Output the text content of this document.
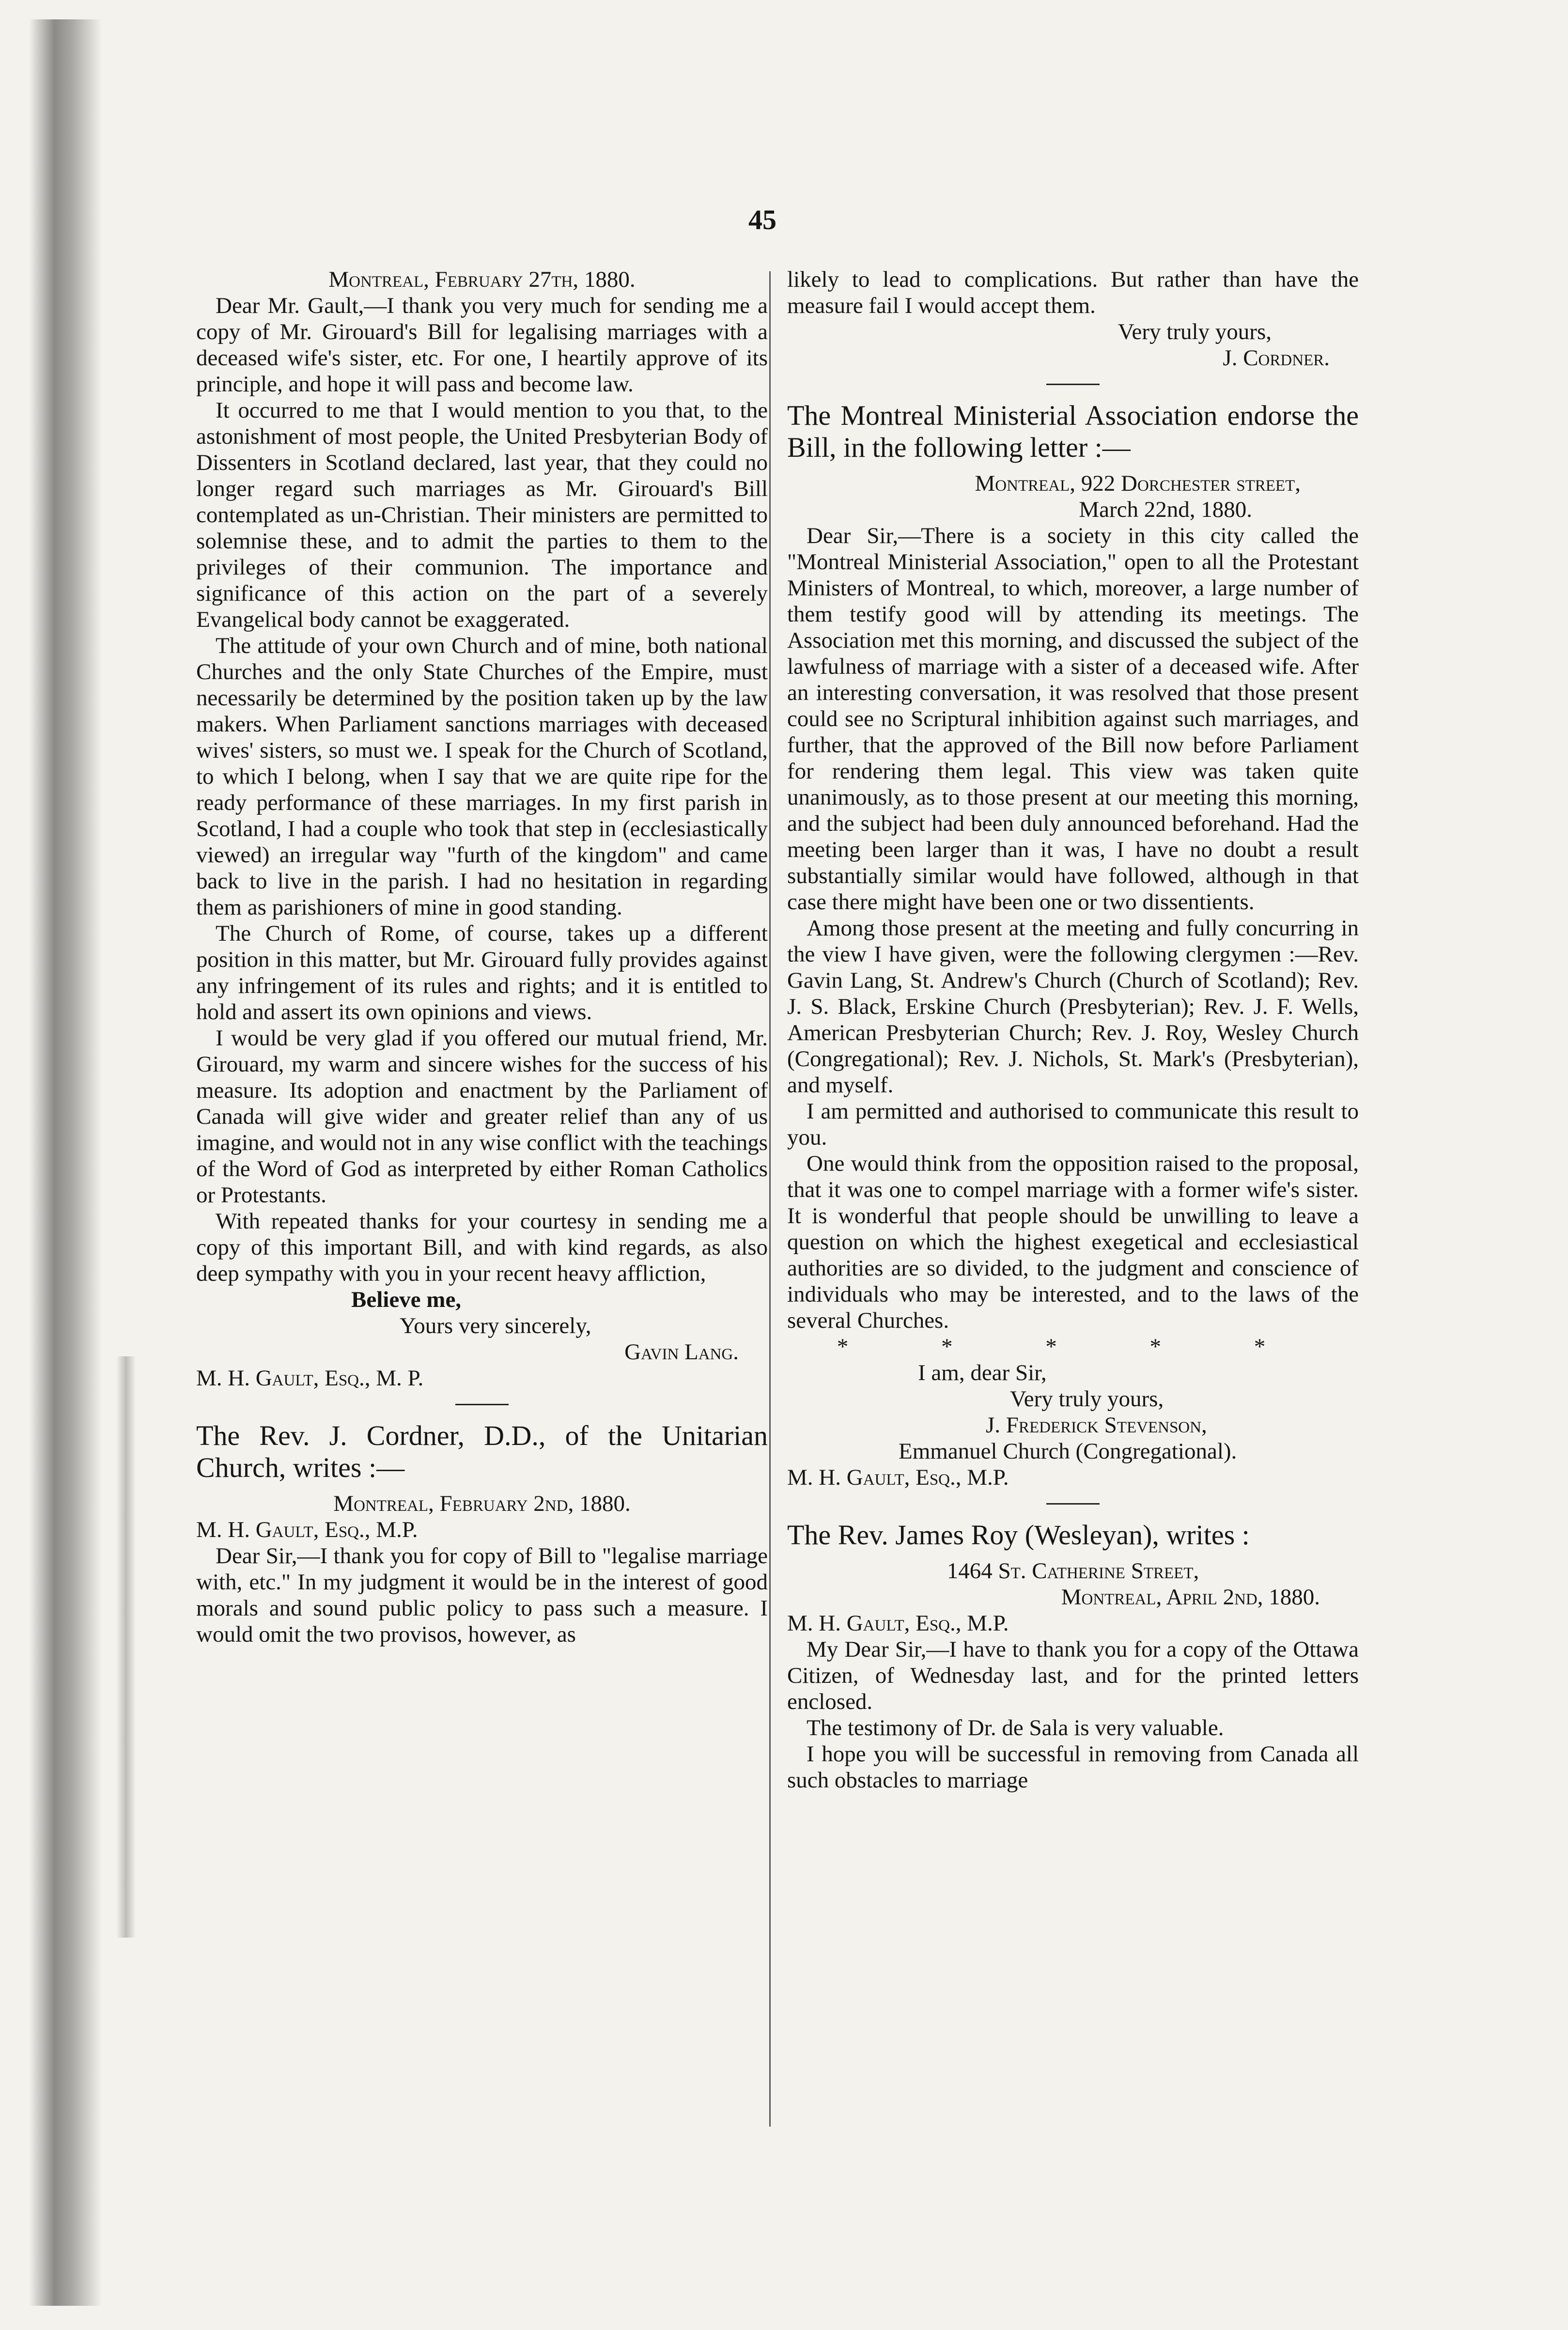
45

Montreal, February 27th, 1880.

Dear Mr. Gault,—I thank you very much for sending me a copy of Mr. Girouard's Bill for legalising marriages with a deceased wife's sister, etc. For one, I heartily approve of its principle, and hope it will pass and become law.

It occurred to me that I would mention to you that, to the astonishment of most people, the United Presbyterian Body of Dissenters in Scotland declared, last year, that they could no longer regard such marriages as Mr. Girouard's Bill contemplated as un-Christian. Their ministers are permitted to solemnise these, and to admit the parties to them to the privileges of their communion. The importance and significance of this action on the part of a severely Evangelical body cannot be exaggerated.

The attitude of your own Church and of mine, both national Churches and the only State Churches of the Empire, must necessarily be determined by the position taken up by the law makers. When Parliament sanctions marriages with deceased wives' sisters, so must we. I speak for the Church of Scotland, to which I belong, when I say that we are quite ripe for the ready performance of these marriages. In my first parish in Scotland, I had a couple who took that step in (ecclesiastically viewed) an irregular way "furth of the kingdom" and came back to live in the parish. I had no hesitation in regarding them as parishioners of mine in good standing.

The Church of Rome, of course, takes up a different position in this matter, but Mr. Girouard fully provides against any infringement of its rules and rights; and it is entitled to hold and assert its own opinions and views.

I would be very glad if you offered our mutual friend, Mr. Girouard, my warm and sincere wishes for the success of his measure. Its adoption and enactment by the Parliament of Canada will give wider and greater relief than any of us imagine, and would not in any wise conflict with the teachings of the Word of God as interpreted by either Roman Catholics or Protestants.

With repeated thanks for your courtesy in sending me a copy of this important Bill, and with kind regards, as also deep sympathy with you in your recent heavy affliction,

Believe me,

Yours very sincerely,

Gavin Lang.

M. H. Gault, Esq., M. P.

The Rev. J. Cordner, D.D., of the Unitarian Church, writes :—

Montreal, February 2nd, 1880.

M. H. Gault, Esq., M.P.

Dear Sir,—I thank you for copy of Bill to "legalise marriage with, etc." In my judgment it would be in the interest of good morals and sound public policy to pass such a measure. I would omit the two provisos, however, as

likely to lead to complications. But rather than have the measure fail I would accept them.

Very truly yours,

J. Cordner.

The Montreal Ministerial Association endorse the Bill, in the following letter :—

Montreal, 922 Dorchester street,

March 22nd, 1880.

Dear Sir,—There is a society in this city called the "Montreal Ministerial Association," open to all the Protestant Ministers of Montreal, to which, moreover, a large number of them testify good will by attending its meetings. The Association met this morning, and discussed the subject of the lawfulness of marriage with a sister of a deceased wife. After an interesting conversation, it was resolved that those present could see no Scriptural inhibition against such marriages, and further, that the approved of the Bill now before Parliament for rendering them legal. This view was taken quite unanimously, as to those present at our meeting this morning, and the subject had been duly announced beforehand. Had the meeting been larger than it was, I have no doubt a result substantially similar would have followed, although in that case there might have been one or two dissentients.

Among those present at the meeting and fully concurring in the view I have given, were the following clergymen :—Rev. Gavin Lang, St. Andrew's Church (Church of Scotland); Rev. J. S. Black, Erskine Church (Presbyterian); Rev. J. F. Wells, American Presbyterian Church; Rev. J. Roy, Wesley Church (Congregational); Rev. J. Nichols, St. Mark's (Presbyterian), and myself.

I am permitted and authorised to communicate this result to you.

One would think from the opposition raised to the proposal, that it was one to compel marriage with a former wife's sister. It is wonderful that people should be unwilling to leave a question on which the highest exegetical and ecclesiastical authorities are so divided, to the judgment and conscience of individuals who may be interested, and to the laws of the several Churches.

* * * * *

I am, dear Sir,

Very truly yours,

J. Frederick Stevenson,

Emmanuel Church (Congregational).

M. H. Gault, Esq., M.P.

The Rev. James Roy (Wesleyan), writes :

1464 St. Catherine Street,

Montreal, April 2nd, 1880.

M. H. Gault, Esq., M.P.

My Dear Sir,—I have to thank you for a copy of the Ottawa Citizen, of Wednesday last, and for the printed letters enclosed.

The testimony of Dr. de Sala is very valuable.

I hope you will be successful in removing from Canada all such obstacles to marriage
